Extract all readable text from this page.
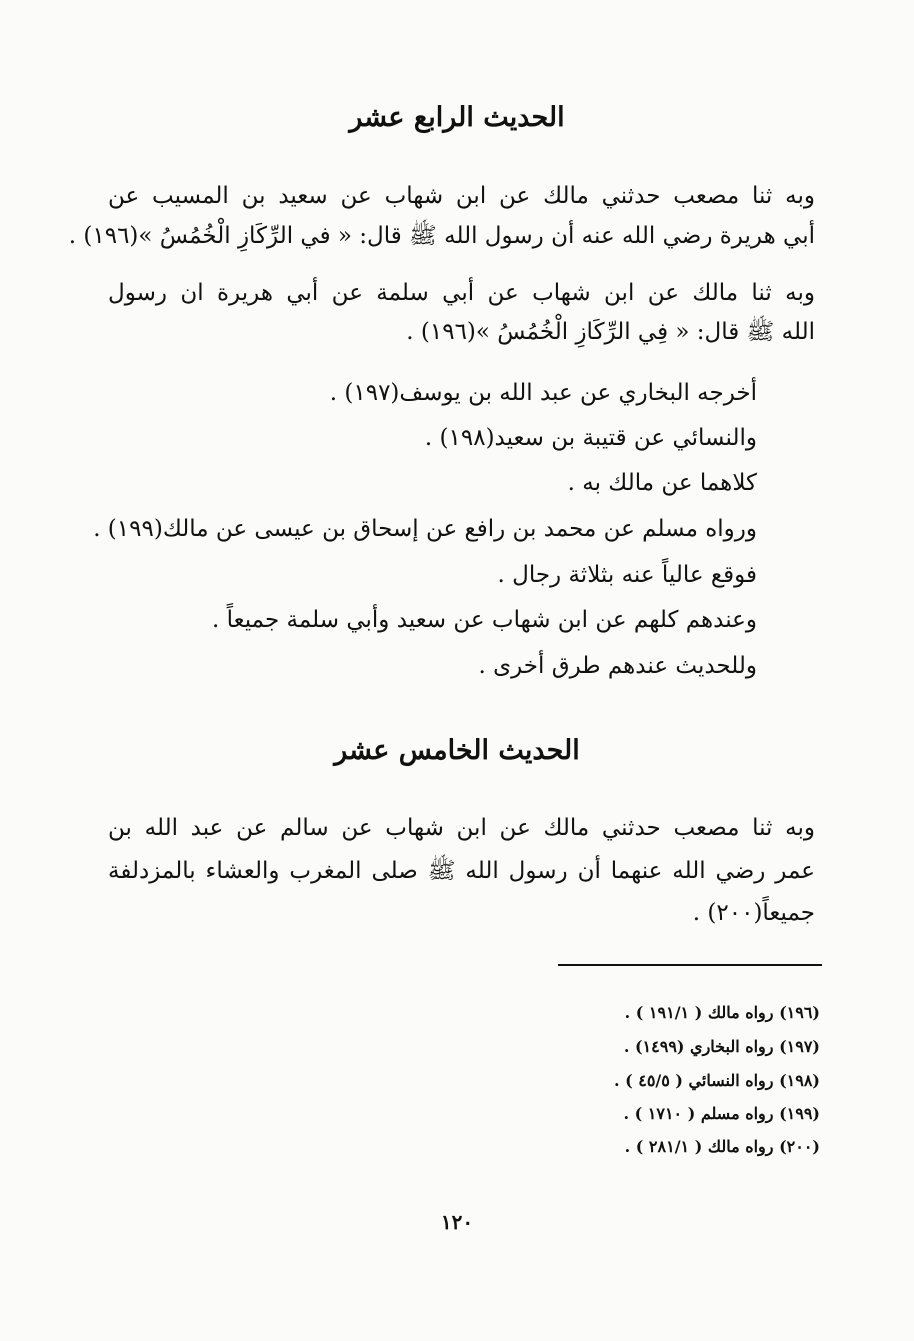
الحديث الرابع عشر
وبه ثنا مصعب حدثني مالك عن ابن شهاب عن سعيد بن المسيب عن
أبي هريرة رضي الله عنه أن رسول الله ﷺ قال: « في الرِّكَازِ الْخُمُسُ »(١٩٦) .
وبه ثنا مالك عن ابن شهاب عن أبي سلمة عن أبي هريرة ان رسول
الله ﷺ قال: « فِي الرِّكَازِ الْخُمُسُ »(١٩٦) .
أخرجه البخاري عن عبد الله بن يوسف(١٩٧) .
والنسائي عن قتيبة بن سعيد(١٩٨) .
كلاهما عن مالك به .
ورواه مسلم عن محمد بن رافع عن إسحاق بن عيسى عن مالك(١٩٩) .
فوقع عالياً عنه بثلاثة رجال .
وعندهم كلهم عن ابن شهاب عن سعيد وأبي سلمة جميعاً .
وللحديث عندهم طرق أخرى .
الحديث الخامس عشر
وبه ثنا مصعب حدثني مالك عن ابن شهاب عن سالم عن عبد الله بن
عمر رضي الله عنهما أن رسول الله ﷺ صلى المغرب والعشاء بالمزدلفة
جميعاً(٢٠٠) .
(١٩٦) رواه مالك ( ١٩١/١ ) .
(١٩٧) رواه البخاري (١٤٩٩) .
(١٩٨) رواه النسائي ( ٤٥/٥ ) .
(١٩٩) رواه مسلم ( ١٧١٠ ) .
(٢٠٠) رواه مالك ( ٢٨١/١ ) .
١٢٠
